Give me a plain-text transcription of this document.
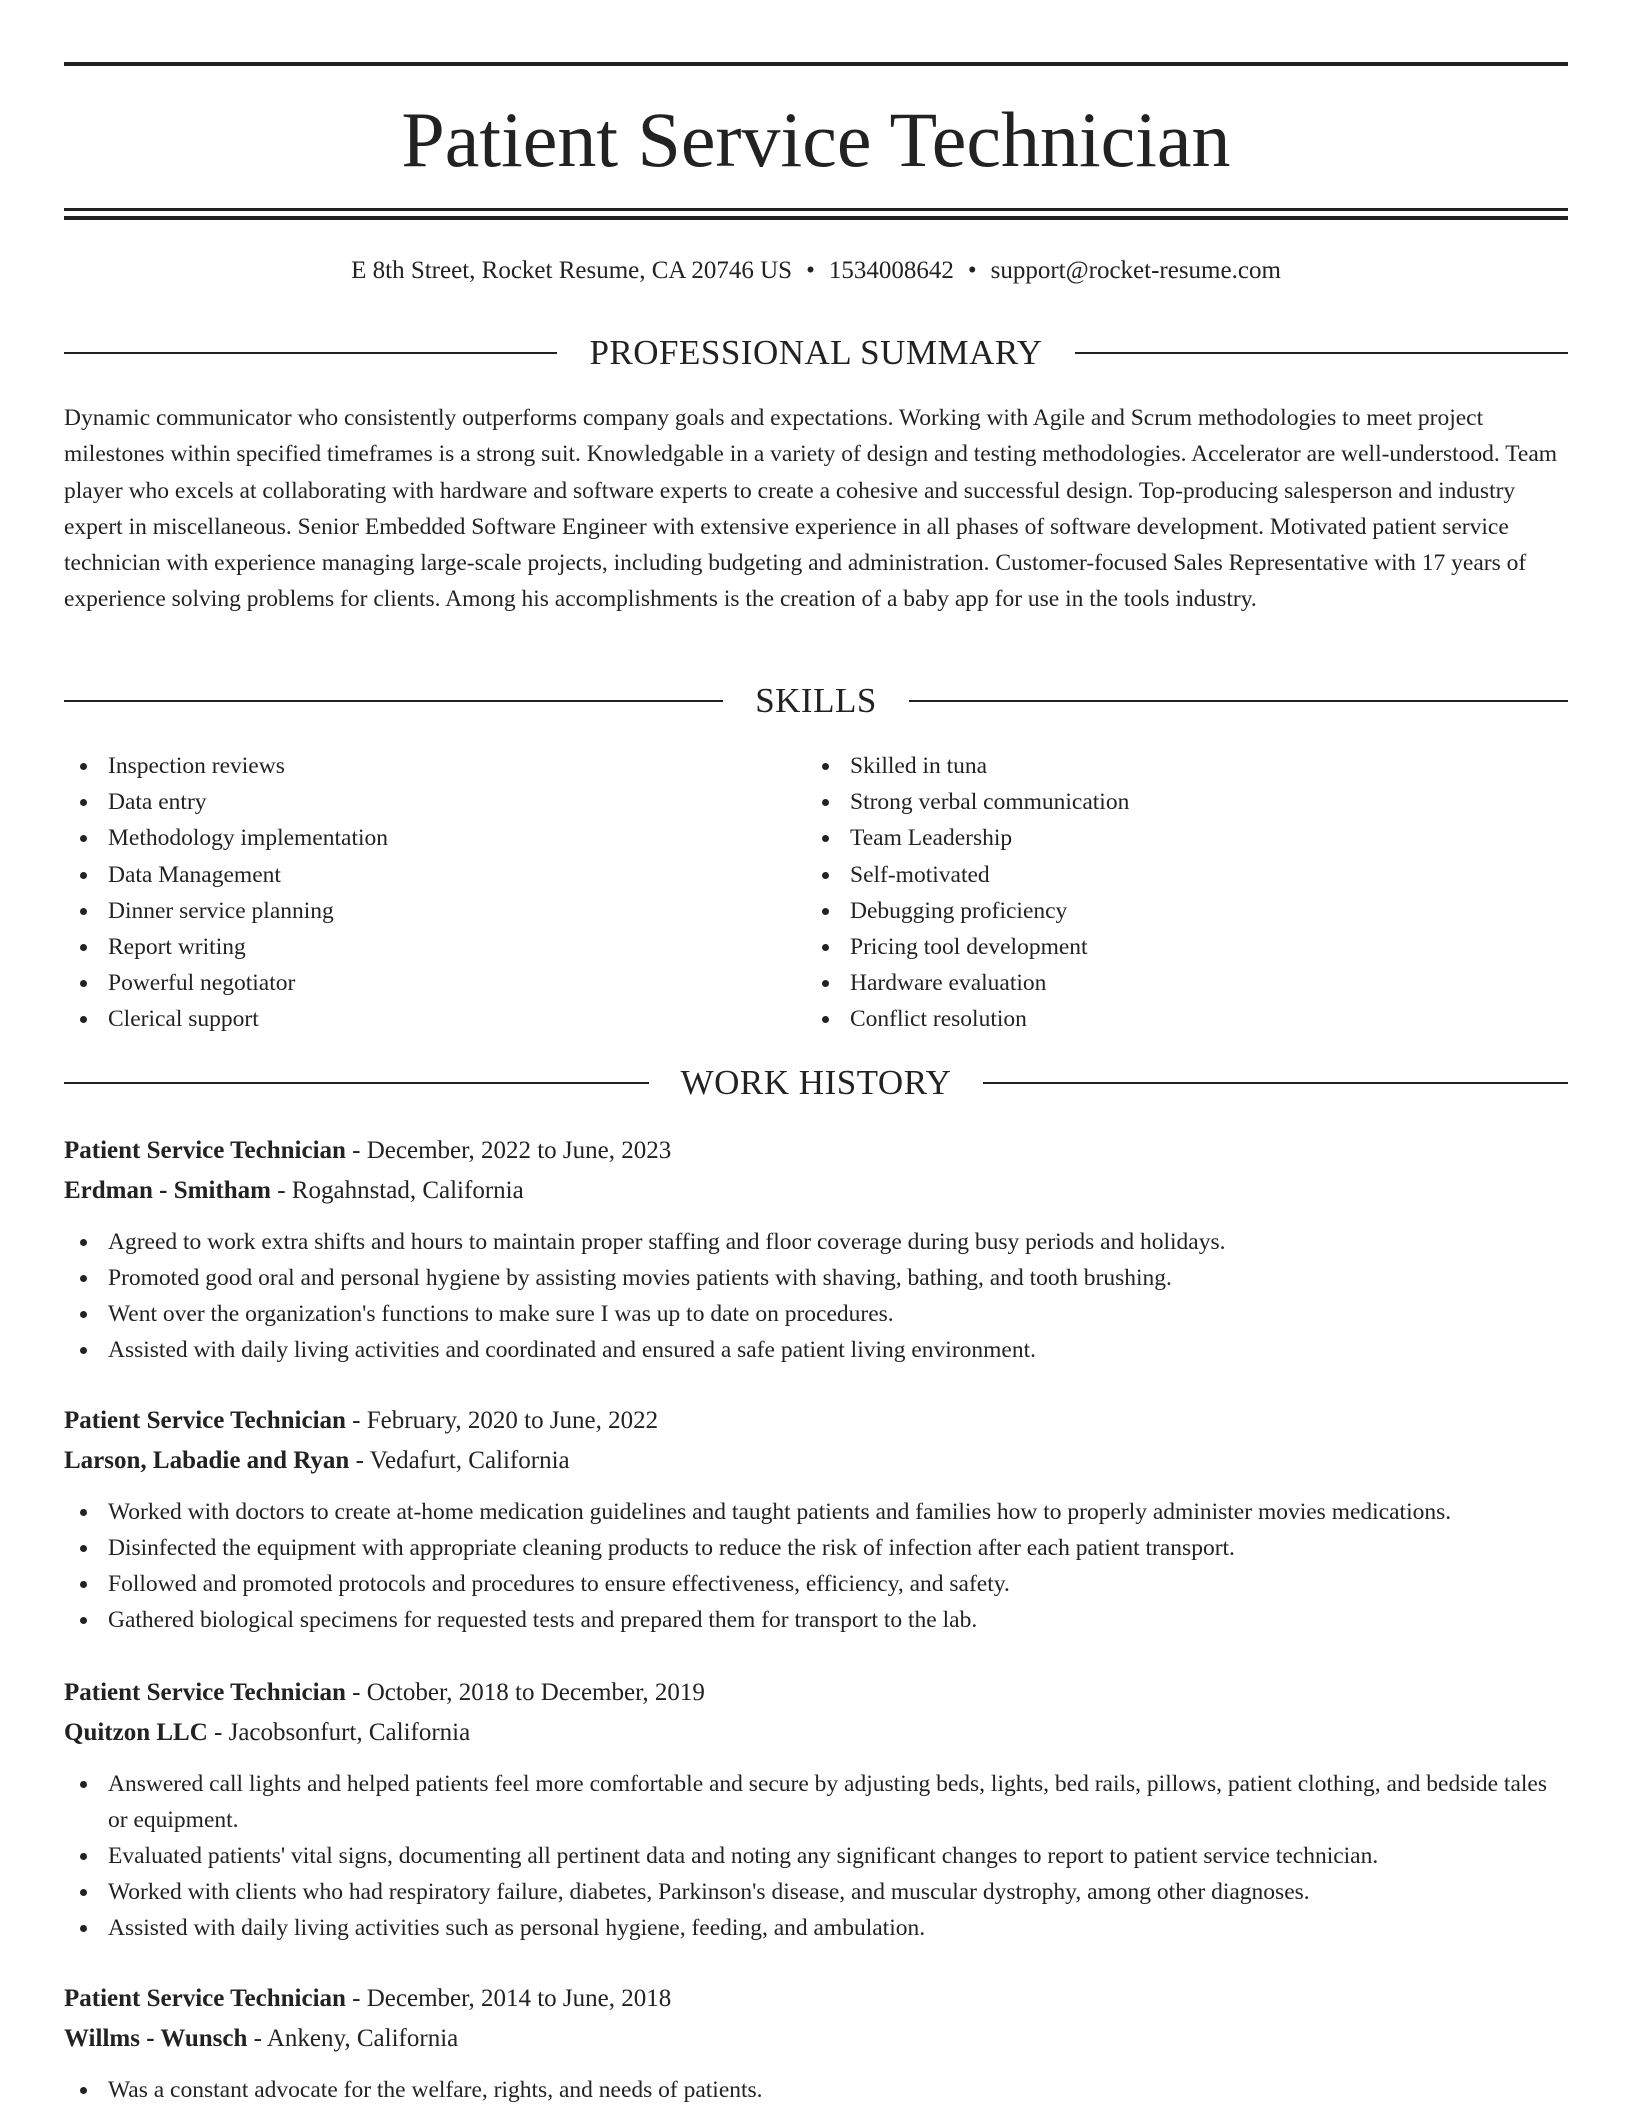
Patient Service Technician
E 8th Street, Rocket Resume, CA 20746 US • 1534008642 • support@rocket-resume.com
PROFESSIONAL SUMMARY
Dynamic communicator who consistently outperforms company goals and expectations. Working with Agile and Scrum methodologies to meet project milestones within specified timeframes is a strong suit. Knowledgable in a variety of design and testing methodologies. Accelerator are well-understood. Team player who excels at collaborating with hardware and software experts to create a cohesive and successful design. Top-producing salesperson and industry expert in miscellaneous. Senior Embedded Software Engineer with extensive experience in all phases of software development. Motivated patient service technician with experience managing large-scale projects, including budgeting and administration. Customer-focused Sales Representative with 17 years of experience solving problems for clients. Among his accomplishments is the creation of a baby app for use in the tools industry.
SKILLS
Inspection reviews
Data entry
Methodology implementation
Data Management
Dinner service planning
Report writing
Powerful negotiator
Clerical support
Skilled in tuna
Strong verbal communication
Team Leadership
Self-motivated
Debugging proficiency
Pricing tool development
Hardware evaluation
Conflict resolution
WORK HISTORY
Patient Service Technician - December, 2022 to June, 2023
Erdman - Smitham - Rogahnstad, California
Agreed to work extra shifts and hours to maintain proper staffing and floor coverage during busy periods and holidays.
Promoted good oral and personal hygiene by assisting movies patients with shaving, bathing, and tooth brushing.
Went over the organization's functions to make sure I was up to date on procedures.
Assisted with daily living activities and coordinated and ensured a safe patient living environment.
Patient Service Technician - February, 2020 to June, 2022
Larson, Labadie and Ryan - Vedafurt, California
Worked with doctors to create at-home medication guidelines and taught patients and families how to properly administer movies medications.
Disinfected the equipment with appropriate cleaning products to reduce the risk of infection after each patient transport.
Followed and promoted protocols and procedures to ensure effectiveness, efficiency, and safety.
Gathered biological specimens for requested tests and prepared them for transport to the lab.
Patient Service Technician - October, 2018 to December, 2019
Quitzon LLC - Jacobsonfurt, California
Answered call lights and helped patients feel more comfortable and secure by adjusting beds, lights, bed rails, pillows, patient clothing, and bedside tales or equipment.
Evaluated patients' vital signs, documenting all pertinent data and noting any significant changes to report to patient service technician.
Worked with clients who had respiratory failure, diabetes, Parkinson's disease, and muscular dystrophy, among other diagnoses.
Assisted with daily living activities such as personal hygiene, feeding, and ambulation.
Patient Service Technician - December, 2014 to June, 2018
Willms - Wunsch - Ankeny, California
Was a constant advocate for the welfare, rights, and needs of patients.
